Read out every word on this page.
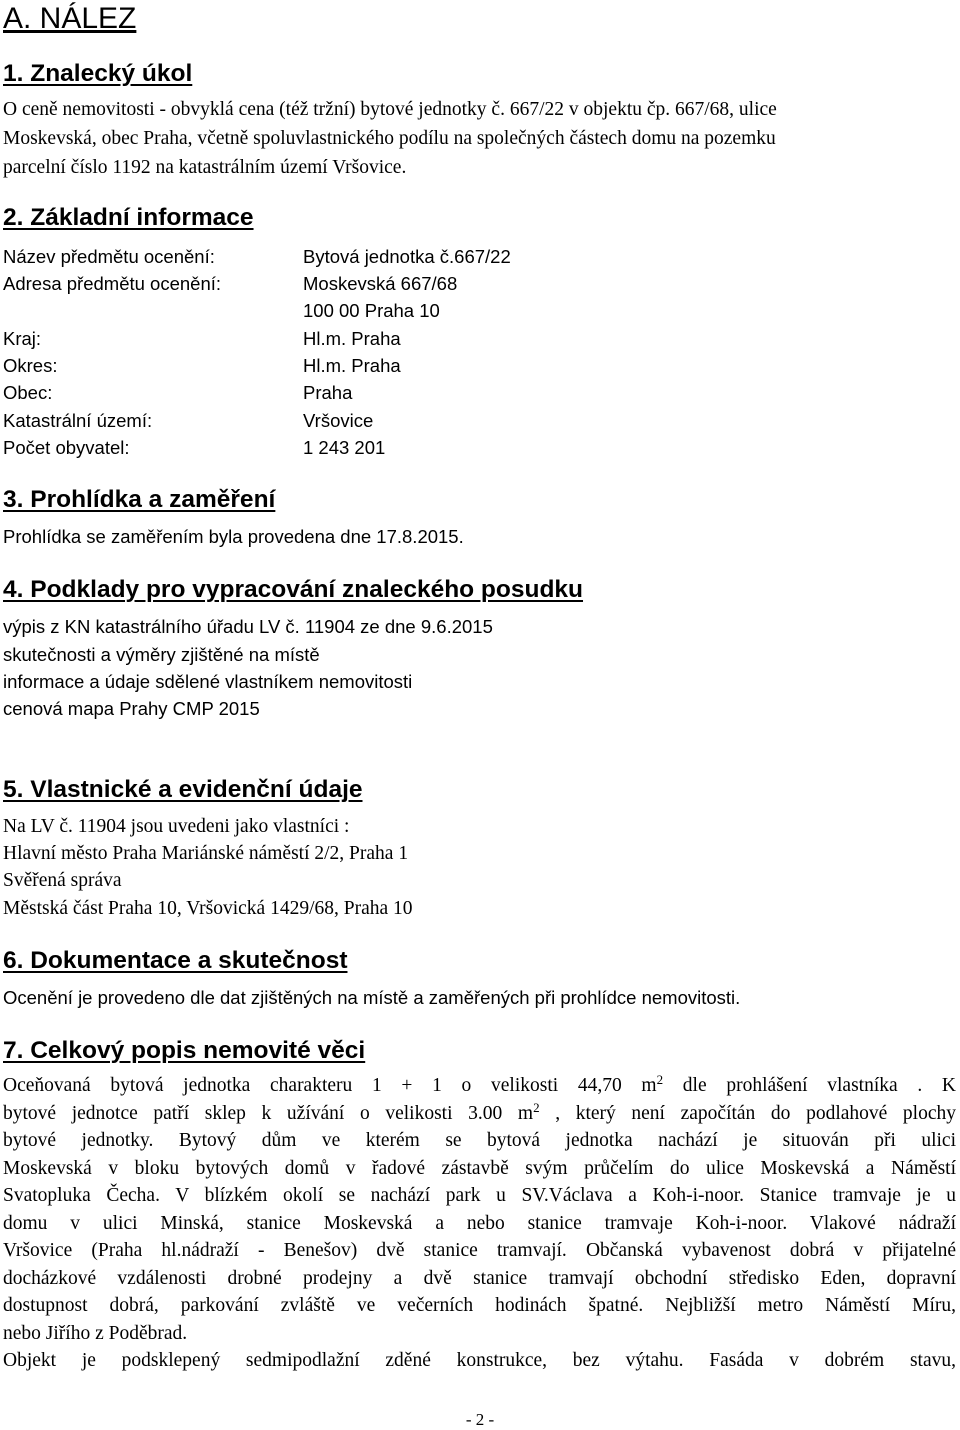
A. NÁLEZ
1. Znalecký úkol
O ceně nemovitosti - obvyklá cena (též tržní) bytové jednotky č. 667/22 v objektu čp. 667/68, ulice
Moskevská, obec Praha, včetně spoluvlastnického podílu na společných částech domu na pozemku
parcelní číslo 1192 na katastrálním území Vršovice.
2. Základní informace
Název předmětu ocenění:	Bytová jednotka č.667/22
Adresa předmětu ocenění:	Moskevská 667/68
100 00 Praha 10
Kraj:	Hl.m. Praha
Okres:	Hl.m. Praha
Obec:	Praha
Katastrální území:	Vršovice
Počet obyvatel:	1 243 201
3. Prohlídka a zaměření
Prohlídka se zaměřením byla provedena dne 17.8.2015.
4. Podklady pro vypracování znaleckého posudku
výpis z KN katastrálního úřadu LV č. 11904 ze dne 9.6.2015
skutečnosti a výměry zjištěné na místě
informace a údaje sdělené vlastníkem nemovitosti
cenová mapa Prahy CMP 2015
5. Vlastnické a evidenční údaje
Na LV č. 11904 jsou uvedeni jako vlastníci :
Hlavní město Praha Mariánské náměstí 2/2, Praha 1
Svěřená správa
Městská část Praha 10, Vršovická 1429/68, Praha 10
6. Dokumentace a skutečnost
Ocenění je provedeno dle dat zjištěných na místě a zaměřených při prohlídce nemovitosti.
7. Celkový popis nemovité věci
Oceňovaná bytová jednotka charakteru 1 + 1 o velikosti 44,70 $m^2$ dle prohlášení vlastníka . K
bytové jednotce patří sklep k užívání o velikosti 3.00 $m^2$ , který není započítán do podlahové plochy
bytové jednotky. Bytový dům ve kterém se bytová jednotka nachází je situován při ulici
Moskevská v bloku bytových domů v řadové zástavbě svým průčelím do ulice Moskevská a Náměstí
Svatopluka Čecha. V blízkém okolí se nachází park u SV.Václava a Koh-i-noor. Stanice tramvaje je u
domu v ulici Minská, stanice Moskevská a nebo stanice tramvaje Koh-i-noor. Vlakové nádraží
Vršovice (Praha hl.nádraží - Benešov) dvě stanice tramvají. Občanská vybavenost dobrá v přijatelné
docházkové vzdálenosti drobné prodejny a dvě stanice tramvají obchodní středisko Eden, dopravní
dostupnost dobrá, parkování zvláště ve večerních hodinách špatné. Nejbližší metro Náměstí Míru,
nebo Jiřího z Poděbrad.
Objekt je podsklepený sedmipodlažní zděné konstrukce, bez výtahu. Fasáda v dobrém stavu,
- 2 -
